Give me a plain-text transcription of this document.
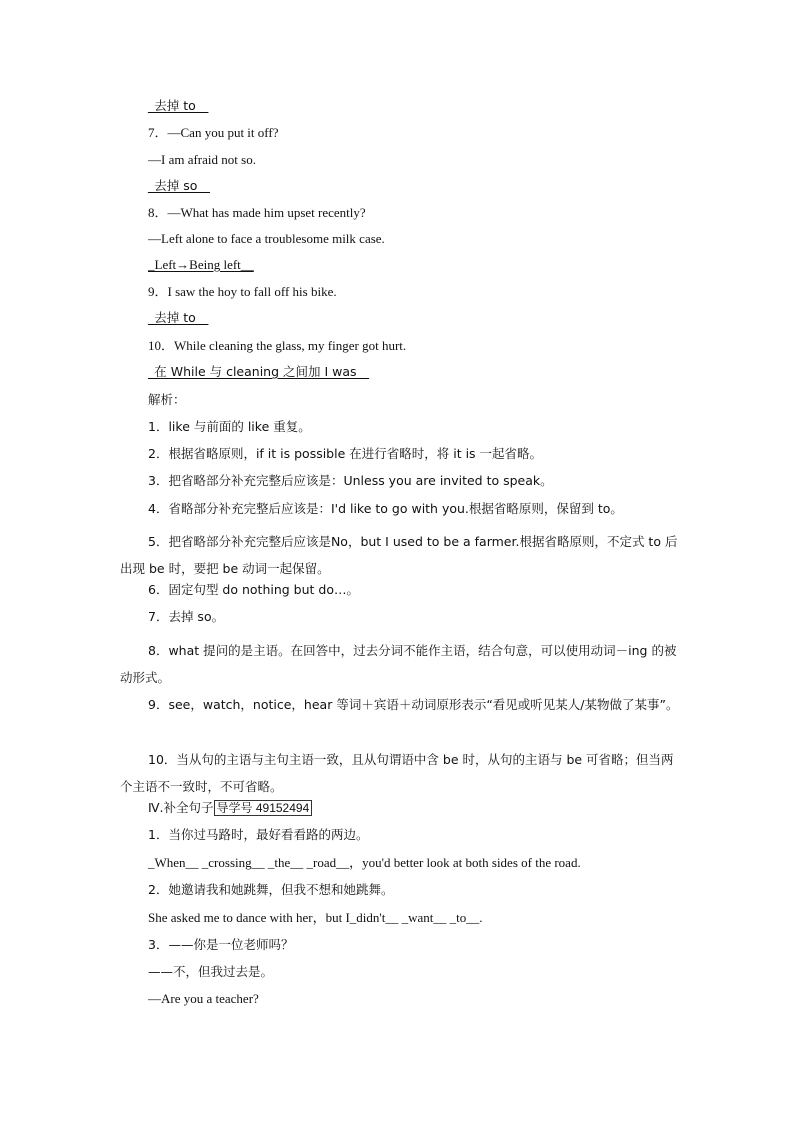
_去掉 to__
7．—Can you put it off?
—I am afraid not so.
_去掉 so__
8．—What has made him upset recently?
—Left alone to face a troublesome milk case.
_Left→Being left__
9．I saw the hoy to fall off his bike.
_去掉 to__
10．While cleaning the glass, my finger got hurt.
_在 While 与 cleaning 之间加 I was__
解析：
1．like 与前面的 like 重复。
2．根据省略原则，if it is possible 在进行省略时，将 it is 一起省略。
3．把省略部分补充完整后应该是：Unless you are invited to speak。
4．省略部分补充完整后应该是：I'd like to go with you.根据省略原则，保留到 to。
5．把省略部分补充完整后应该是No，but I used to be a farmer.根据省略原则，不定式 to 后出现 be 时，要把 be 动词一起保留。
6．固定句型 do nothing but do…。
7．去掉 so。
8．what 提问的是主语。在回答中，过去分词不能作主语，结合句意，可以使用动词－ing 的被动形式。
9．see，watch，notice，hear 等词＋宾语＋动词原形表示“看见或听见某人/某物做了某事”。
10．当从句的主语与主句主语一致，且从句谓语中含 be 时，从句的主语与 be 可省略；但当两个主语不一致时，不可省略。
Ⅳ.补全句子 导学号 49152494
1．当你过马路时，最好看看路的两边。
_When__ _crossing__ _the__ _road__，you'd better look at both sides of the road.
2．她邀请我和她跳舞，但我不想和她跳舞。
She asked me to dance with her，but I_didn't__ _want__ _to__.
3．——你是一位老师吗？
——不，但我过去是。
—Are you a teacher?
